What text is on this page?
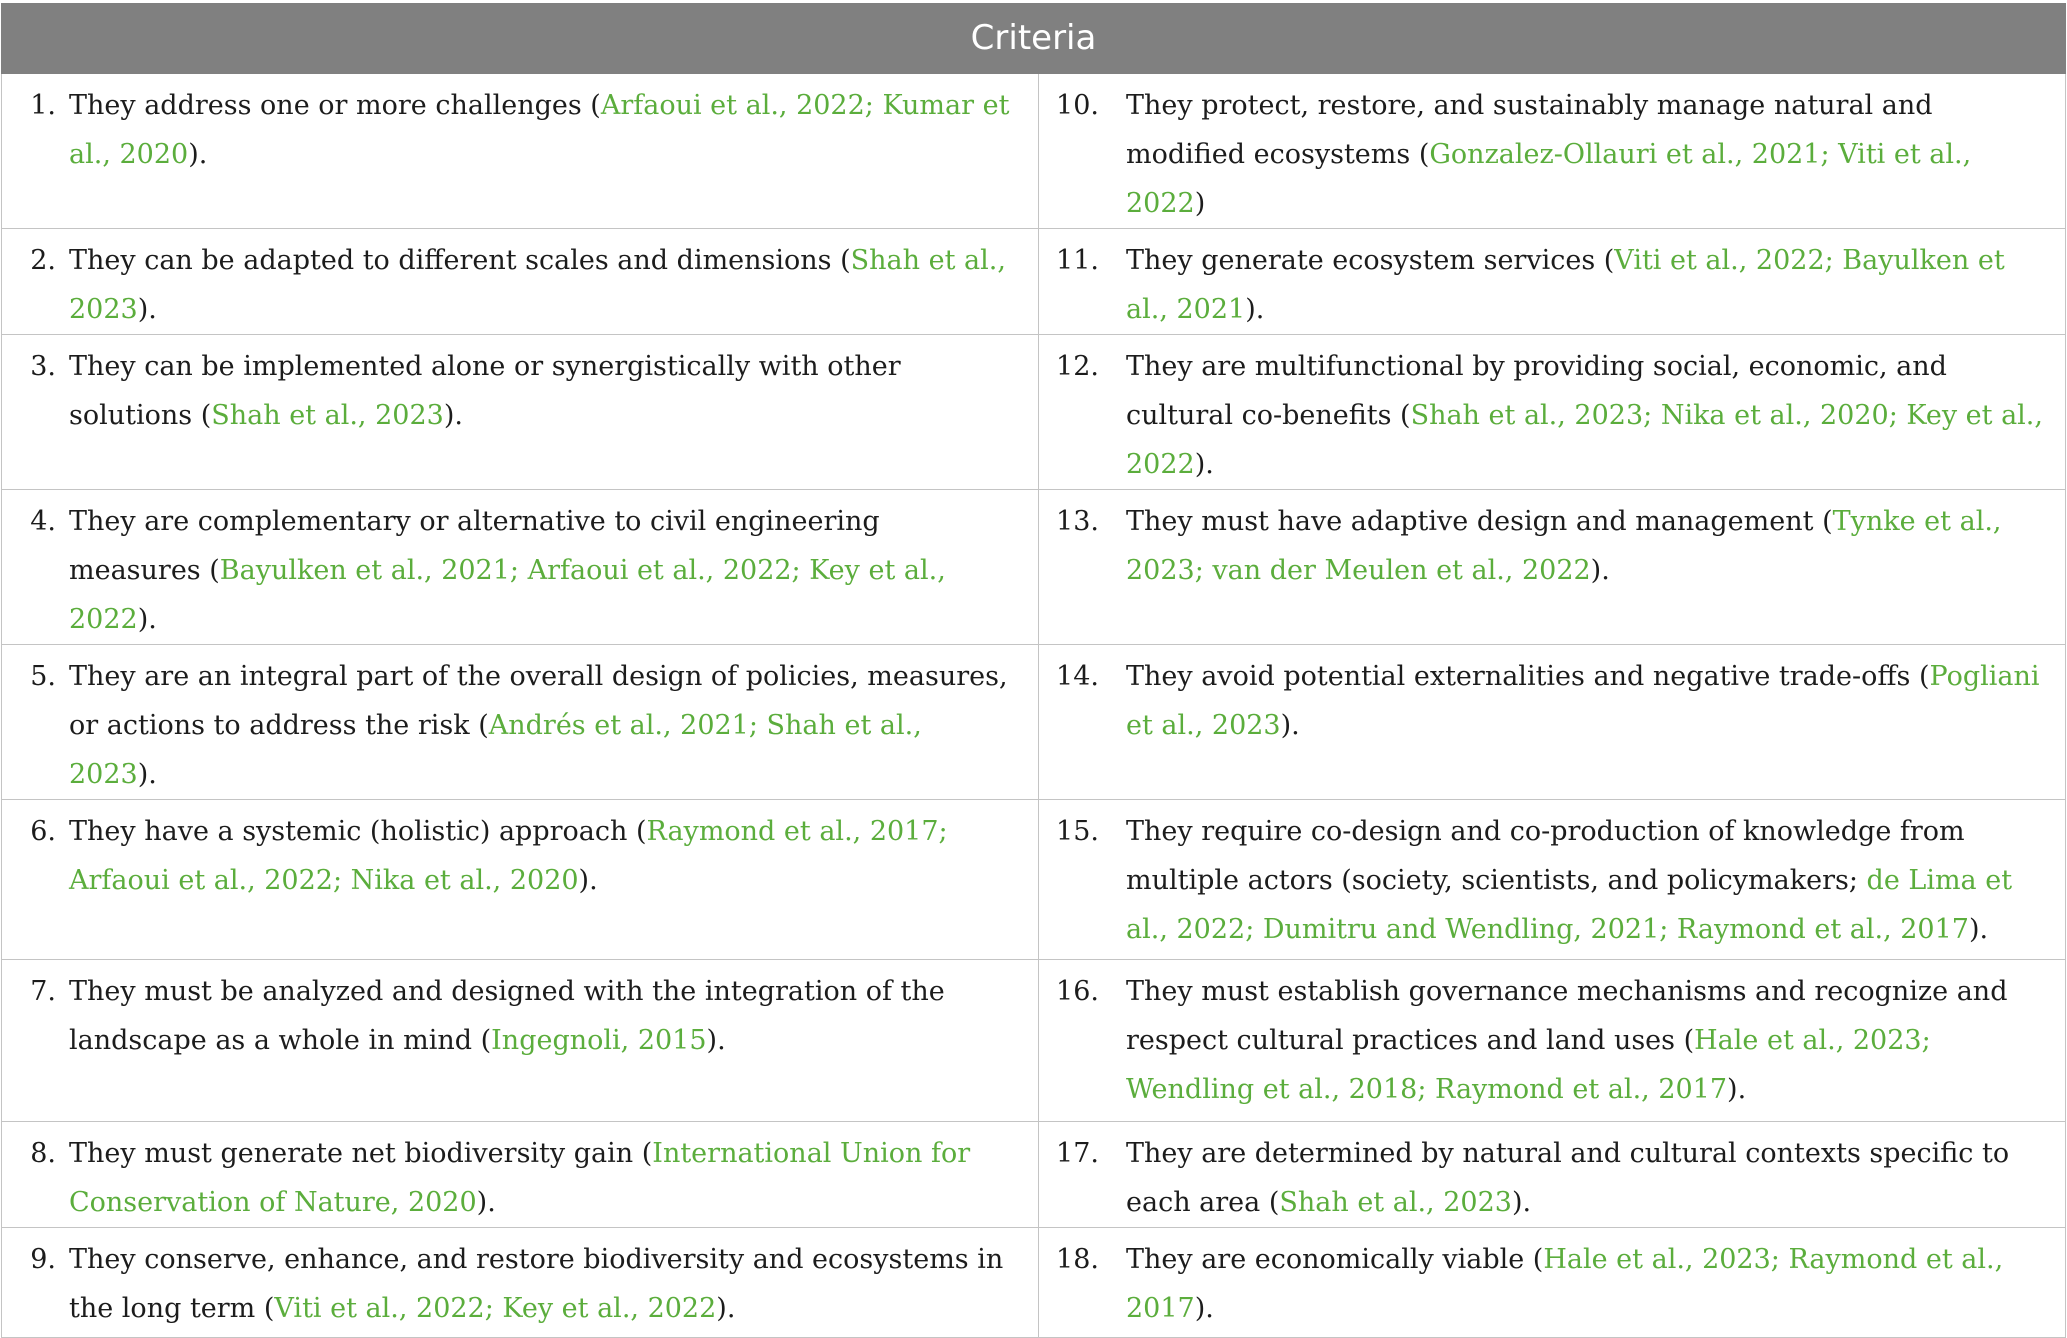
Criteria	

1. They address one or more challenges (Arfaoui et al., 2022; Kumar et al., 2020).	10. They protect, restore, and sustainably manage natural and modified ecosystems (Gonzalez-Ollauri et al., 2021; Viti et al., 2022)

2. They can be adapted to different scales and dimensions (Shah et al., 2023).	11. They generate ecosystem services (Viti et al., 2022; Bayulken et al., 2021).

3. They can be implemented alone or synergistically with other solutions (Shah et al., 2023).	12. They are multifunctional by providing social, economic, and cultural co-benefits (Shah et al., 2023; Nika et al., 2020; Key et al., 2022).

4. They are complementary or alternative to civil engineering measures (Bayulken et al., 2021; Arfaoui et al., 2022; Key et al., 2022).	13. They must have adaptive design and management (Tynke et al., 2023; van der Meulen et al., 2022).

5. They are an integral part of the overall design of policies, measures, or actions to address the risk (Andrés et al., 2021; Shah et al., 2023).	14. They avoid potential externalities and negative trade-offs (Pogliani et al., 2023).

6. They have a systemic (holistic) approach (Raymond et al., 2017; Arfaoui et al., 2022; Nika et al., 2020).	15. They require co-design and co-production of knowledge from multiple actors (society, scientists, and policymakers; de Lima et al., 2022; Dumitru and Wendling, 2021; Raymond et al., 2017).

7. They must be analyzed and designed with the integration of the landscape as a whole in mind (Ingegnoli, 2015).	16. They must establish governance mechanisms and recognize and respect cultural practices and land uses (Hale et al., 2023; Wendling et al., 2018; Raymond et al., 2017).

8. They must generate net biodiversity gain (International Union for Conservation of Nature, 2020).	17. They are determined by natural and cultural contexts specific to each area (Shah et al., 2023).

9. They conserve, enhance, and restore biodiversity and ecosystems in the long term (Viti et al., 2022; Key et al., 2022).	18. They are economically viable (Hale et al., 2023; Raymond et al., 2017).
